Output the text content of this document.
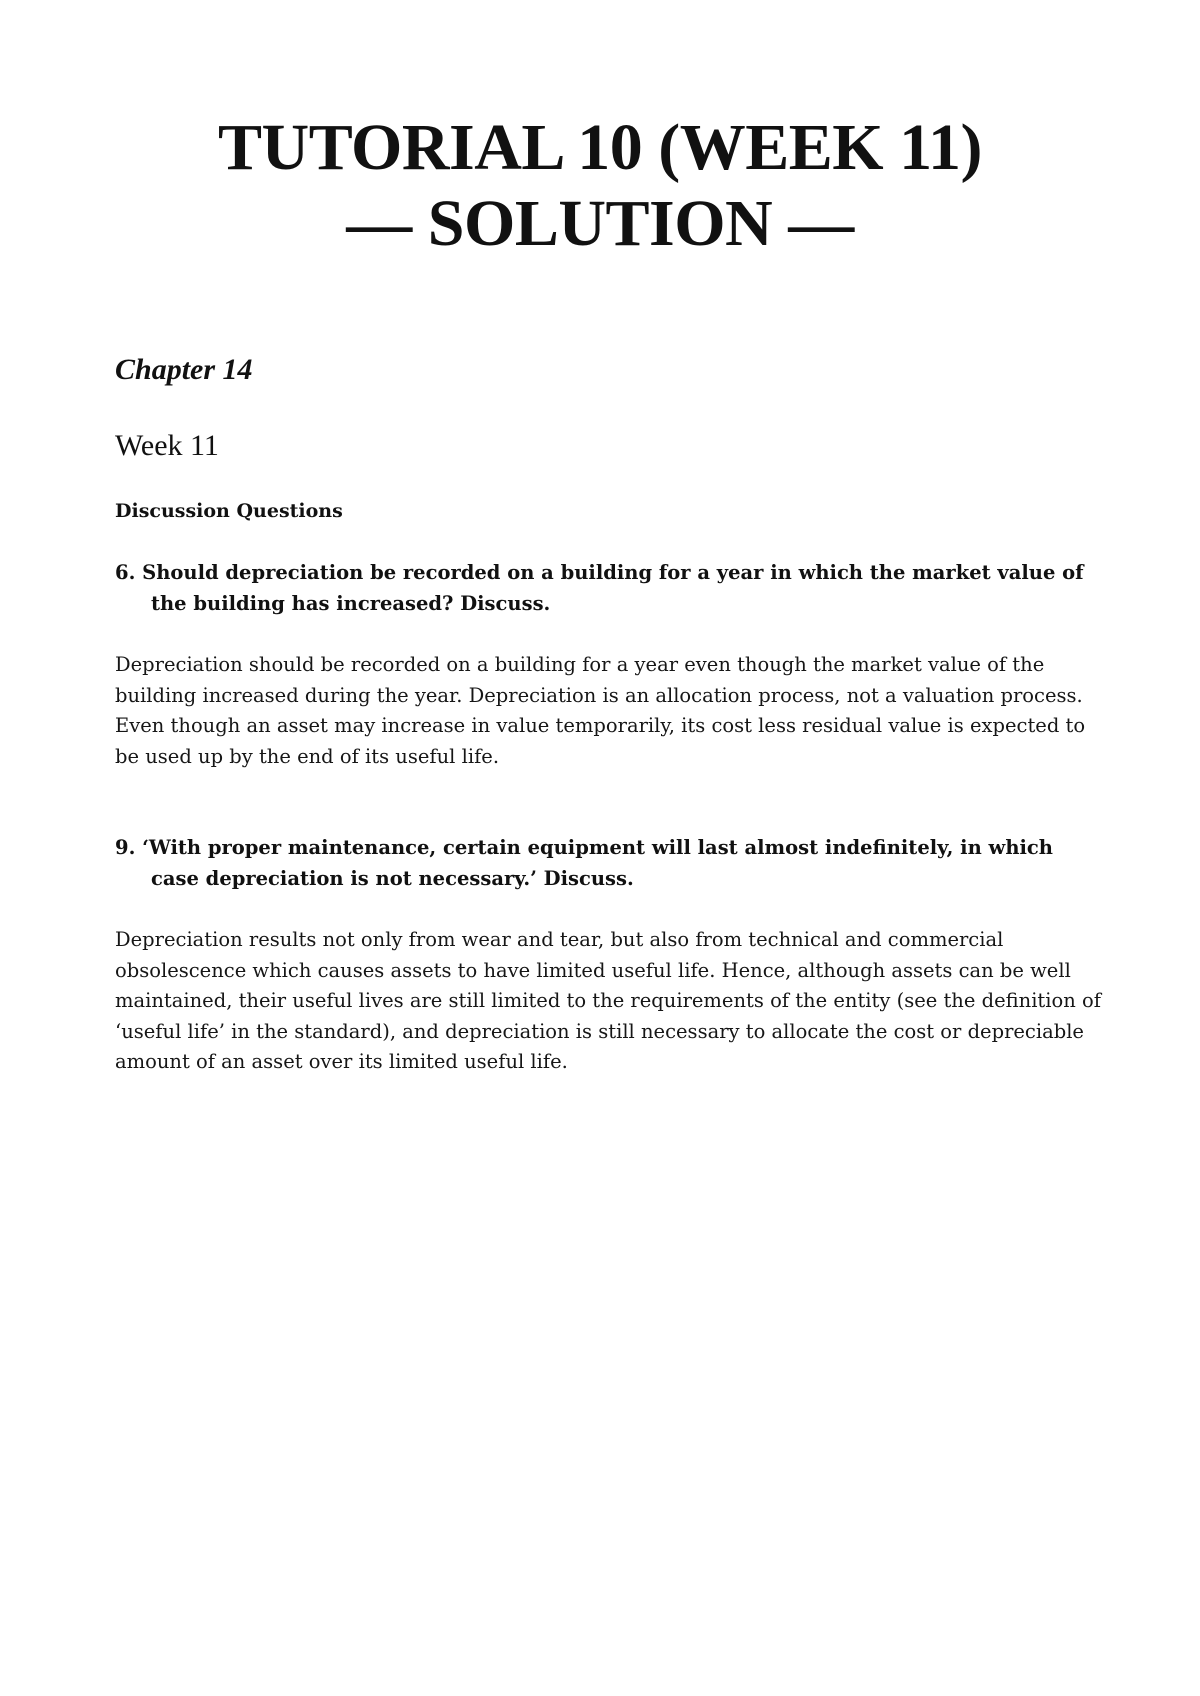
TUTORIAL 10 (WEEK 11)
— SOLUTION —
Chapter 14
Week 11
Discussion Questions
6. Should depreciation be recorded on a building for a year in which the market value of the building has increased? Discuss.
Depreciation should be recorded on a building for a year even though the market value of the building increased during the year. Depreciation is an allocation process, not a valuation process. Even though an asset may increase in value temporarily, its cost less residual value is expected to be used up by the end of its useful life.
9. ‘With proper maintenance, certain equipment will last almost indefinitely, in which case depreciation is not necessary.’ Discuss.
Depreciation results not only from wear and tear, but also from technical and commercial obsolescence which causes assets to have limited useful life. Hence, although assets can be well maintained, their useful lives are still limited to the requirements of the entity (see the definition of ‘useful life’ in the standard), and depreciation is still necessary to allocate the cost or depreciable amount of an asset over its limited useful life.
